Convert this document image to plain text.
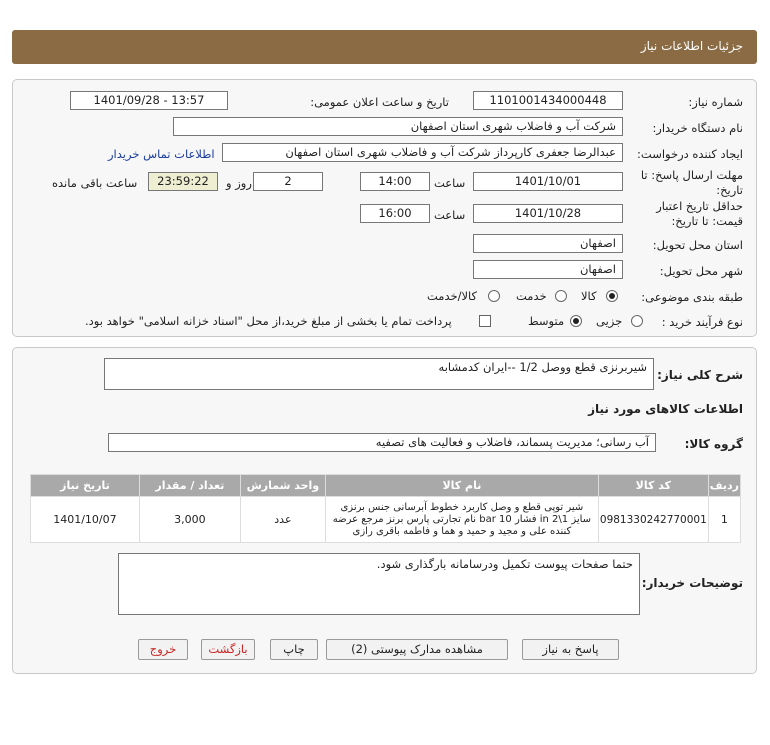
جزئیات اطلاعات نیاز
شماره نیاز:
1101001434000448
تاریخ و ساعت اعلان عمومی:
1401/09/28 - 13:57
نام دستگاه خریدار:
شرکت آب و فاضلاب شهری استان اصفهان
ایجاد کننده درخواست:
عبدالرضا جعفری کارپرداز شرکت آب و فاضلاب شهری استان اصفهان
اطلاعات تماس خریدار
مهلت ارسال پاسخ: تا تاریخ:
1401/10/01
ساعت
14:00
2
روز و
23:59:22
ساعت باقی مانده
حداقل تاریخ اعتبار قیمت: تا تاریخ:
1401/10/28
ساعت
16:00
استان محل تحویل:
اصفهان
شهر محل تحویل:
اصفهان
طبقه بندی موضوعی:
کالا
خدمت
کالا/خدمت
نوع فرآیند خرید :
جزیی
متوسط
پرداخت تمام یا بخشی از مبلغ خرید،از محل "اسناد خزانه اسلامی" خواهد بود.
شرح کلی نیاز:
شیربرنزی قطع ووصل 1/2 --ایران کدمشابه
اطلاعات کالاهای مورد نیاز
گروه کالا:
آب رسانی؛ مدیریت پسماند، فاضلاب و فعالیت های تصفیه
ردیف	کد کالا	نام کالا	واحد شمارش	تعداد / مقدار	تاریخ نیاز
1	0981330242770001	شیر توپی قطع و وصل کاربرد خطوط آبرسانی جنس برنزی سایز 1\2 in فشار 10 bar نام تجارتی پارس برنز مرجع عرضه کننده علی و مجید و حمید و هما و فاطمه باقری رازی	عدد	3,000	1401/10/07
توضیحات خریدار:
حتما صفحات پیوست تکمیل ودرسامانه بارگذاری شود.
پاسخ به نیاز
مشاهده مدارک پیوستی (2)
چاپ
بازگشت
خروج
